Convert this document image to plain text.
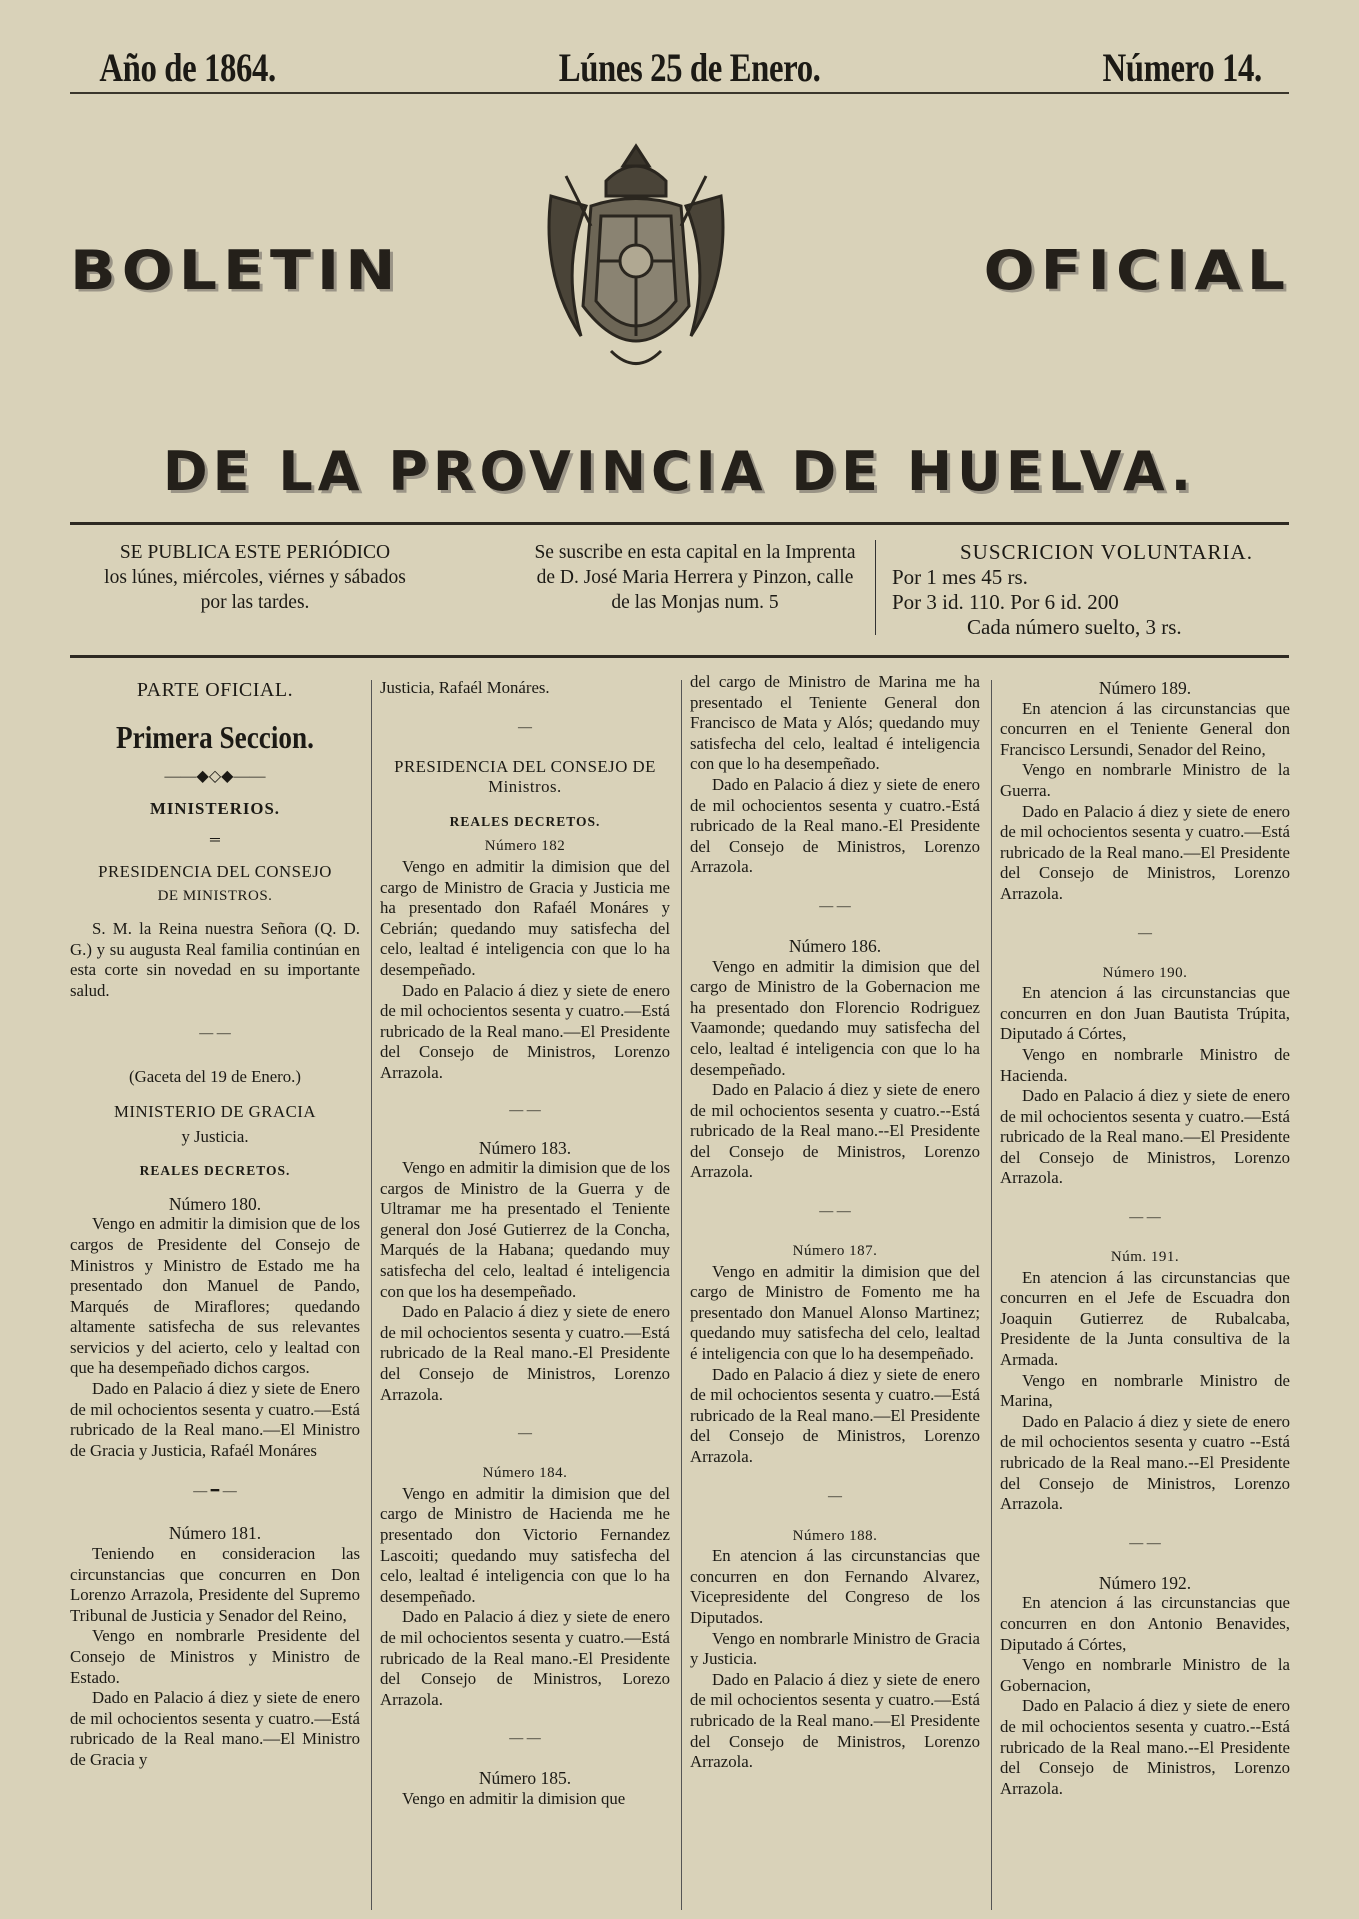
Año de 1864.	Lúnes 25 de Enero.	Número 14.
BOLETIN	OFICIAL
DE LA PROVINCIA DE HUELVA.
SE PUBLICA ESTE PERIÓDICO
los lúnes, miércoles, viérnes y sábados
por las tardes.
Se suscribe en esta capital en la Imprenta
de D. José Maria Herrera y Pinzon, calle
de las Monjas num. 5
SUSCRICION VOLUNTARIA.
Por 1 mes 45 rs.
Por 3 id. 110. Por 6 id. 200
Cada número suelto, 3 rs.

PARTE OFICIAL.

Primera Seccion.

——◆◇◆——

MINISTERIOS.

═

PRESIDENCIA DEL CONSEJO

DE MINISTROS.

S. M. la Reina nuestra Señora (Q. D. G.) y su augusta Real familia continúan en esta corte sin novedad en su importante salud.

— —

(Gaceta del 19 de Enero.)

MINISTERIO DE GRACIA

y Justicia.

REALES DECRETOS.

Número 180.

Vengo en admitir la dimision que de los cargos de Presidente del Consejo de Ministros y Ministro de Estado me ha presentado don Manuel de Pando, Marqués de Miraflores; quedando altamente satisfecha de sus relevantes servicios y del acierto, celo y lealtad con que ha desempeñado dichos cargos.

Dado en Palacio á diez y siete de Enero de mil ochocientos sesenta y cuatro.—Está rubricado de la Real mano.—El Ministro de Gracia y Justicia, Rafaél Monáres

— ━ —

Número 181.

Teniendo en consideracion las circunstancias que concurren en Don Lorenzo Arrazola, Presidente del Supremo Tribunal de Justicia y Senador del Reino,

Vengo en nombrarle Presidente del Consejo de Ministros y Ministro de Estado.

Dado en Palacio á diez y siete de enero de mil ochocientos sesenta y cuatro.—Está rubricado de la Real mano.—El Ministro de Gracia y

Justicia, Rafaél Monáres.

—

PRESIDENCIA DEL CONSEJO DE Ministros.

REALES DECRETOS.

Número 182

Vengo en admitir la dimision que del cargo de Ministro de Gracia y Justicia me ha presentado don Rafaél Monáres y Cebrián; quedando muy satisfecha del celo, lealtad é inteligencia con que lo ha desempeñado.

Dado en Palacio á diez y siete de enero de mil ochocientos sesenta y cuatro.—Está rubricado de la Real mano.—El Presidente del Consejo de Ministros, Lorenzo Arrazola.

— —

Número 183.

Vengo en admitir la dimision que de los cargos de Ministro de la Guerra y de Ultramar me ha presentado el Teniente general don José Gutierrez de la Concha, Marqués de la Habana; quedando muy satisfecha del celo, lealtad é inteligencia con que los ha desempeñado.

Dado en Palacio á diez y siete de enero de mil ochocientos sesenta y cuatro.—Está rubricado de la Real mano.-El Presidente del Consejo de Ministros, Lorenzo Arrazola.

—

Número 184.

Vengo en admitir la dimision que del cargo de Ministro de Hacienda me he presentado don Victorio Fernandez Lascoiti; quedando muy satisfecha del celo, lealtad é inteligencia con que lo ha desempeñado.

Dado en Palacio á diez y siete de enero de mil ochocientos sesenta y cuatro.—Está rubricado de la Real mano.-El Presidente del Consejo de Ministros, Lorezo Arrazola.

— —

Número 185.

Vengo en admitir la dimision que

del cargo de Ministro de Marina me ha presentado el Teniente General don Francisco de Mata y Alós; quedando muy satisfecha del celo, lealtad é inteligencia con que lo ha desempeñado.

Dado en Palacio á diez y siete de enero de mil ochocientos sesenta y cuatro.-Está rubricado de la Real mano.-El Presidente del Consejo de Ministros, Lorenzo Arrazola.

— —

Número 186.

Vengo en admitir la dimision que del cargo de Ministro de la Gobernacion me ha presentado don Florencio Rodriguez Vaamonde; quedando muy satisfecha del celo, lealtad é inteligencia con que lo ha desempeñado.

Dado en Palacio á diez y siete de enero de mil ochocientos sesenta y cuatro.--Está rubricado de la Real mano.--El Presidente del Consejo de Ministros, Lorenzo Arrazola.

— —

Número 187.

Vengo en admitir la dimision que del cargo de Ministro de Fomento me ha presentado don Manuel Alonso Martinez; quedando muy satisfecha del celo, lealtad é inteligencia con que lo ha desempeñado.

Dado en Palacio á diez y siete de enero de mil ochocientos sesenta y cuatro.—Está rubricado de la Real mano.—El Presidente del Consejo de Ministros, Lorenzo Arrazola.

—

Número 188.

En atencion á las circunstancias que concurren en don Fernando Alvarez, Vicepresidente del Congreso de los Diputados.

Vengo en nombrarle Ministro de Gracia y Justicia.

Dado en Palacio á diez y siete de enero de mil ochocientos sesenta y cuatro.—Está rubricado de la Real mano.—El Presidente del Consejo de Ministros, Lorenzo Arrazola.

Número 189.

En atencion á las circunstancias que concurren en el Teniente General don Francisco Lersundi, Senador del Reino,

Vengo en nombrarle Ministro de la Guerra.

Dado en Palacio á diez y siete de enero de mil ochocientos sesenta y cuatro.—Está rubricado de la Real mano.—El Presidente del Consejo de Ministros, Lorenzo Arrazola.

—

Número 190.

En atencion á las circunstancias que concurren en don Juan Bautista Trúpita, Diputado á Córtes,

Vengo en nombrarle Ministro de Hacienda.

Dado en Palacio á diez y siete de enero de mil ochocientos sesenta y cuatro.—Está rubricado de la Real mano.—El Presidente del Consejo de Ministros, Lorenzo Arrazola.

— —

Núm. 191.

En atencion á las circunstancias que concurren en el Jefe de Escuadra don Joaquin Gutierrez de Rubalcaba, Presidente de la Junta consultiva de la Armada.

Vengo en nombrarle Ministro de Marina,

Dado en Palacio á diez y siete de enero de mil ochocientos sesenta y cuatro --Está rubricado de la Real mano.--El Presidente del Consejo de Ministros, Lorenzo Arrazola.

— —

Número 192.

En atencion á las circunstancias que concurren en don Antonio Benavides, Diputado á Córtes,

Vengo en nombrarle Ministro de la Gobernacion,

Dado en Palacio á diez y siete de enero de mil ochocientos sesenta y cuatro.--Está rubricado de la Real mano.--El Presidente del Consejo de Ministros, Lorenzo Arrazola.
